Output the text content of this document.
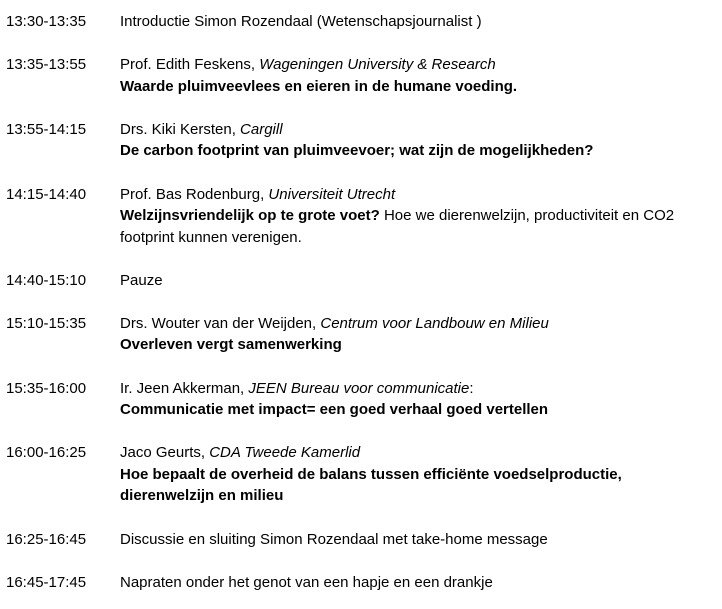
13:30-13:35	Introductie Simon Rozendaal (Wetenschapsjournalist )
13:35-13:55	Prof. Edith Feskens, Wageningen University & Research
Waarde pluimveevlees en eieren in de humane voeding.
13:55-14:15	Drs. Kiki Kersten, Cargill
De carbon footprint van pluimveevoer; wat zijn de mogelijkheden?
14:15-14:40	Prof. Bas Rodenburg, Universiteit Utrecht
Welzijnsvriendelijk op te grote voet? Hoe we dierenwelzijn, productiviteit en CO2 footprint kunnen verenigen.
14:40-15:10	Pauze
15:10-15:35	Drs. Wouter van der Weijden, Centrum voor Landbouw en Milieu
Overleven vergt samenwerking
15:35-16:00	Ir. Jeen Akkerman, JEEN Bureau voor communicatie:
Communicatie met impact= een goed verhaal goed vertellen
16:00-16:25	Jaco Geurts, CDA Tweede Kamerlid
Hoe bepaalt de overheid de balans tussen efficiënte voedselproductie, dierenwelzijn en milieu
16:25-16:45	Discussie en sluiting Simon Rozendaal met take-home message
16:45-17:45	Napraten onder het genot van een hapje en een drankje
